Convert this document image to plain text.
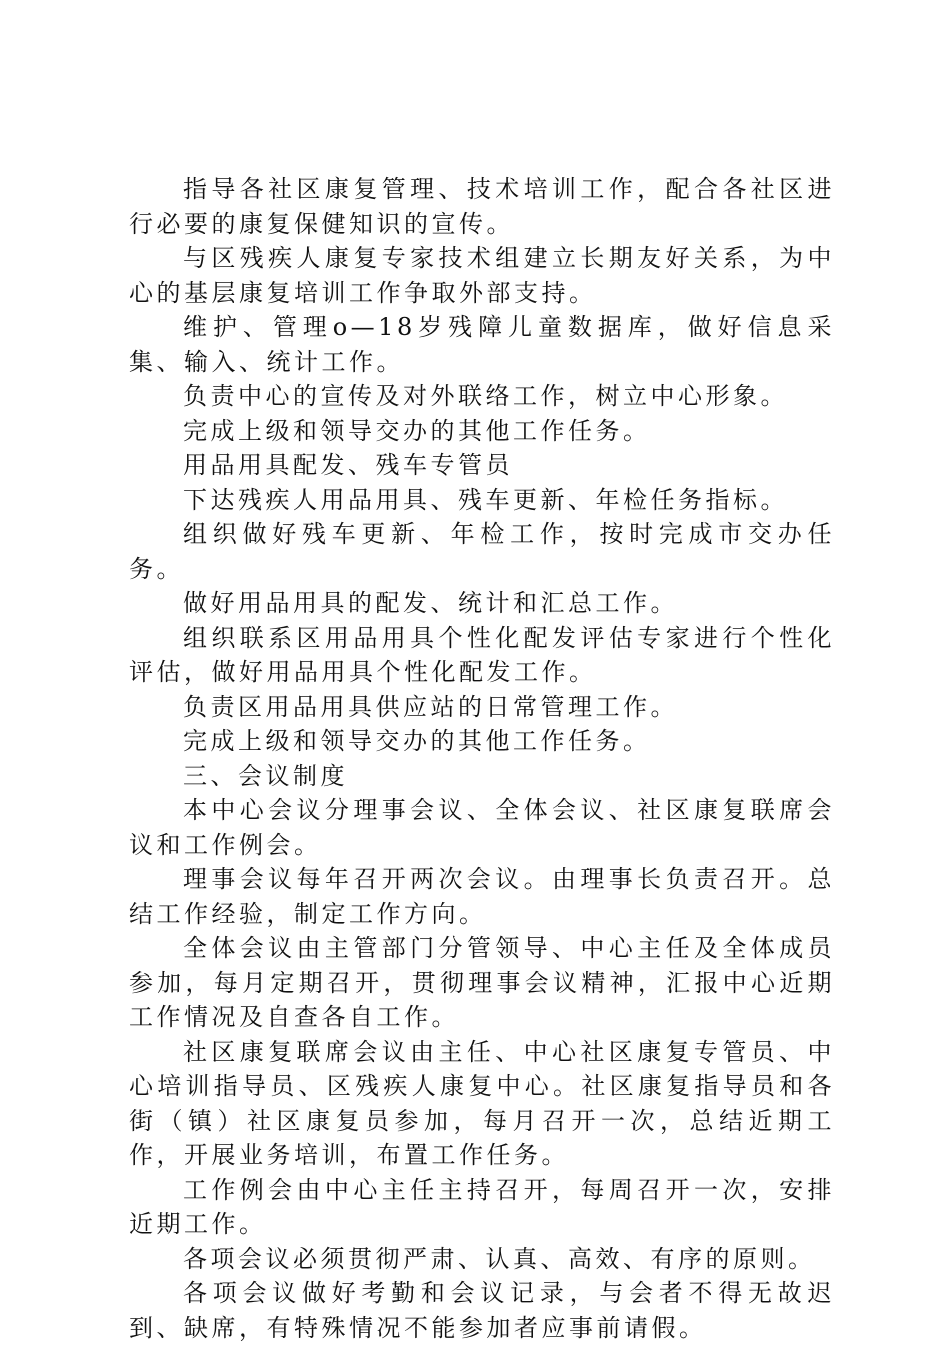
指导各社区康复管理、技术培训工作，配合各社区进行必要的康复保健知识的宣传。

与区残疾人康复专家技术组建立长期友好关系，为中心的基层康复培训工作争取外部支持。

维护、管理o—18岁残障儿童数据库，做好信息采集、输入、统计工作。

负责中心的宣传及对外联络工作，树立中心形象。

完成上级和领导交办的其他工作任务。

用品用具配发、残车专管员

下达残疾人用品用具、残车更新、年检任务指标。

组织做好残车更新、年检工作，按时完成市交办任务。

做好用品用具的配发、统计和汇总工作。

组织联系区用品用具个性化配发评估专家进行个性化评估，做好用品用具个性化配发工作。

负责区用品用具供应站的日常管理工作。

完成上级和领导交办的其他工作任务。

三、会议制度

本中心会议分理事会议、全体会议、社区康复联席会议和工作例会。

理事会议每年召开两次会议。由理事长负责召开。总结工作经验，制定工作方向。

全体会议由主管部门分管领导、中心主任及全体成员参加，每月定期召开，贯彻理事会议精神，汇报中心近期工作情况及自查各自工作。

社区康复联席会议由主任、中心社区康复专管员、中心培训指导员、区残疾人康复中心。社区康复指导员和各街（镇）社区康复员参加，每月召开一次，总结近期工作，开展业务培训，布置工作任务。

工作例会由中心主任主持召开，每周召开一次，安排近期工作。

各项会议必须贯彻严肃、认真、高效、有序的原则。

各项会议做好考勤和会议记录，与会者不得无故迟到、缺席，有特殊情况不能参加者应事前请假。
